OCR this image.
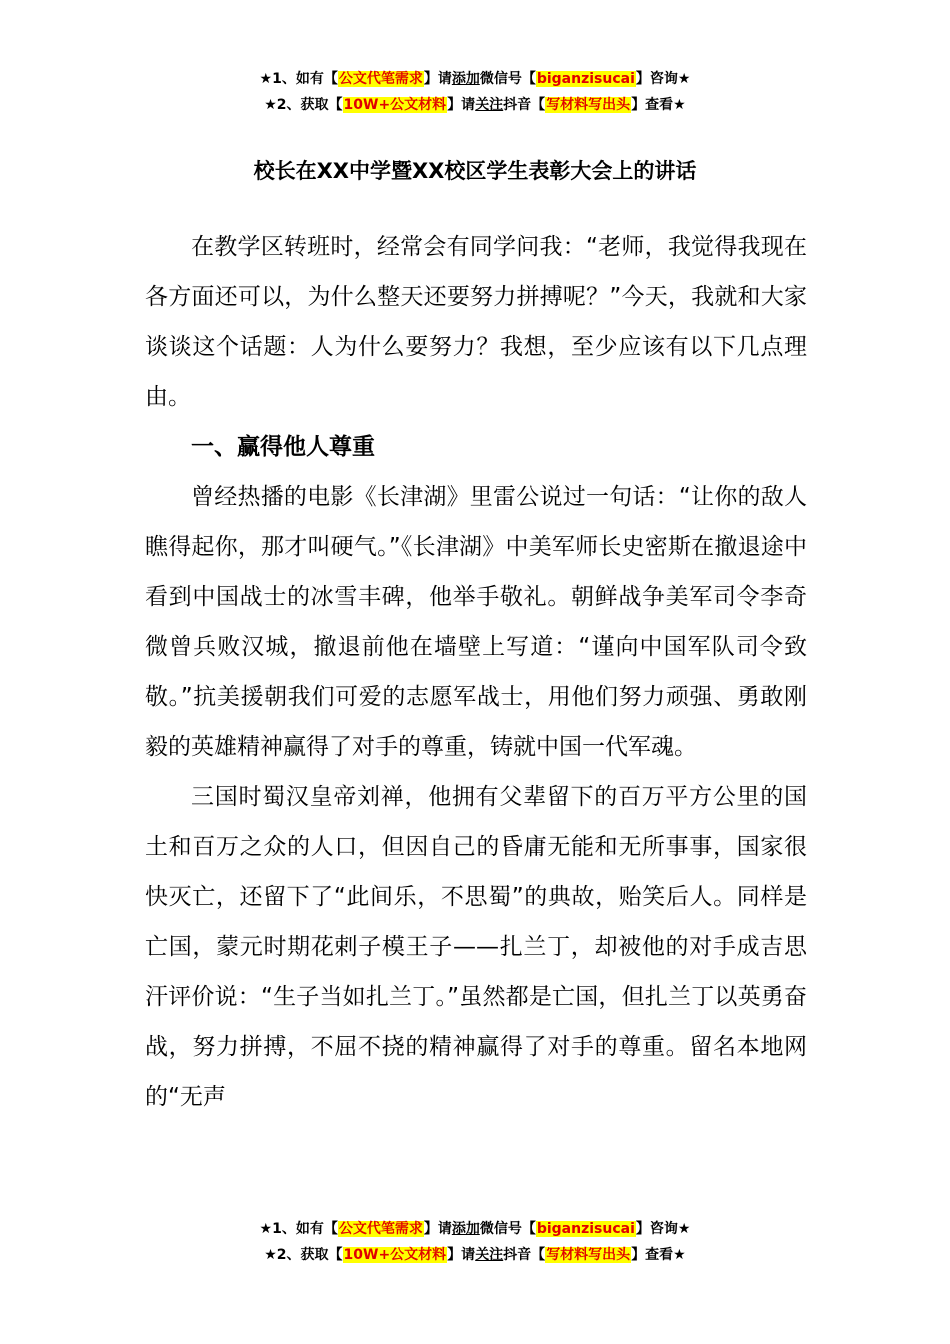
★1、如有【公文代笔需求】请添加微信号【biganzisucai】咨询★
★2、获取【10W+公文材料】请关注抖音【写材料写出头】查看★
校长在XX中学暨XX校区学生表彰大会上的讲话

在教学区转班时，经常会有同学问我：“老师，我觉得我现在各方面还可以，为什么整天还要努力拼搏呢？”今天，我就和大家谈谈这个话题：人为什么要努力？我想，至少应该有以下几点理由。

一、赢得他人尊重

曾经热播的电影《长津湖》里雷公说过一句话：“让你的敌人瞧得起你，那才叫硬气。”《长津湖》中美军师长史密斯在撤退途中看到中国战士的冰雪丰碑，他举手敬礼。朝鲜战争美军司令李奇微曾兵败汉城，撤退前他在墙壁上写道：“谨向中国军队司令致敬。”抗美援朝我们可爱的志愿军战士，用他们努力顽强、勇敢刚毅的英雄精神赢得了对手的尊重，铸就中国一代军魂。

三国时蜀汉皇帝刘禅，他拥有父辈留下的百万平方公里的国土和百万之众的人口，但因自己的昏庸无能和无所事事，国家很快灭亡，还留下了“此间乐，不思蜀”的典故，贻笑后人。同样是亡国，蒙元时期花剌子模王子——扎兰丁，却被他的对手成吉思汗评价说：“生子当如扎兰丁。”虽然都是亡国，但扎兰丁以英勇奋战，努力拼搏，不屈不挠的精神赢得了对手的尊重。留名本地网的“无声

★1、如有【公文代笔需求】请添加微信号【biganzisucai】咨询★
★2、获取【10W+公文材料】请关注抖音【写材料写出头】查看★
